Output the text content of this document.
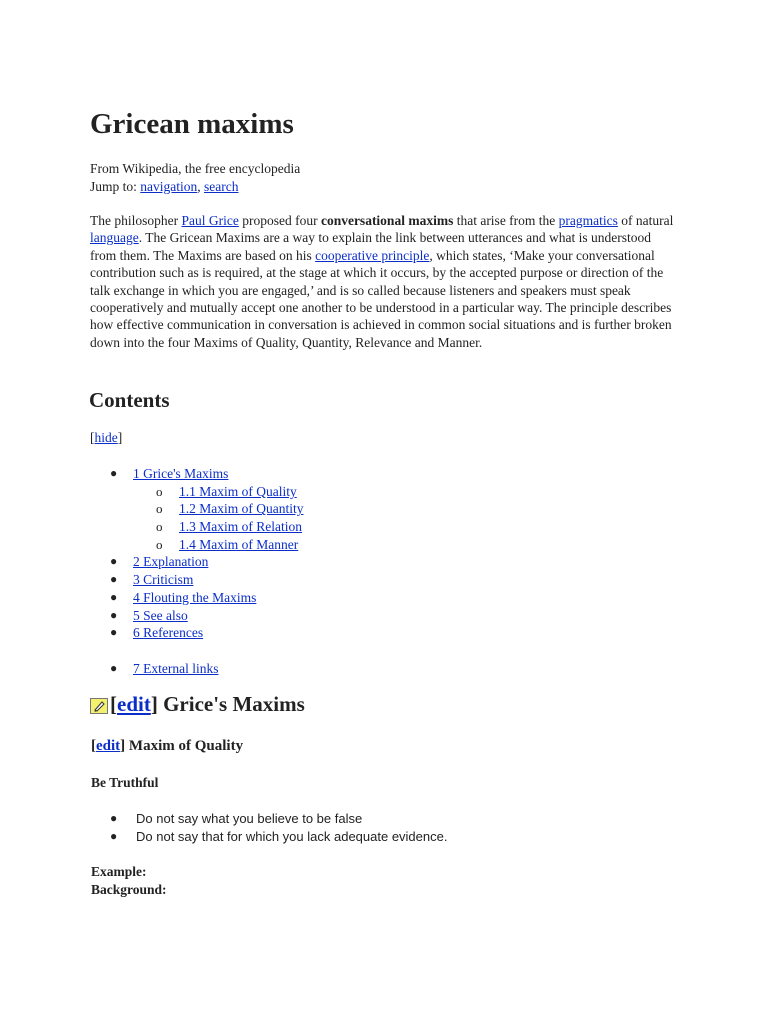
Gricean maxims
From Wikipedia, the free encyclopedia
Jump to: navigation, search

The philosopher Paul Grice proposed four conversational maxims that arise from the pragmatics of natural language. The Gricean Maxims are a way to explain the link between utterances and what is understood from them. The Maxims are based on his cooperative principle, which states, ‘Make your conversational contribution such as is required, at the stage at which it occurs, by the accepted purpose or direction of the talk exchange in which you are engaged,’ and is so called because listeners and speakers must speak cooperatively and mutually accept one another to be understood in a particular way. The principle describes how effective communication in conversation is achieved in common social situations and is further broken down into the four Maxims of Quality, Quantity, Relevance and Manner.

Contents
[hide]
● 1 Grice's Maxims
o 1.1 Maxim of Quality
o 1.2 Maxim of Quantity
o 1.3 Maxim of Relation
o 1.4 Maxim of Manner
● 2 Explanation
● 3 Criticism
● 4 Flouting the Maxims
● 5 See also
● 6 References
● 7 External links
[ edit ] Grice's Maxims
[edit] Maxim of Quality
Be Truthful
● Do not say what you believe to be false
● Do not say that for which you lack adequate evidence.
Example:
Background:
